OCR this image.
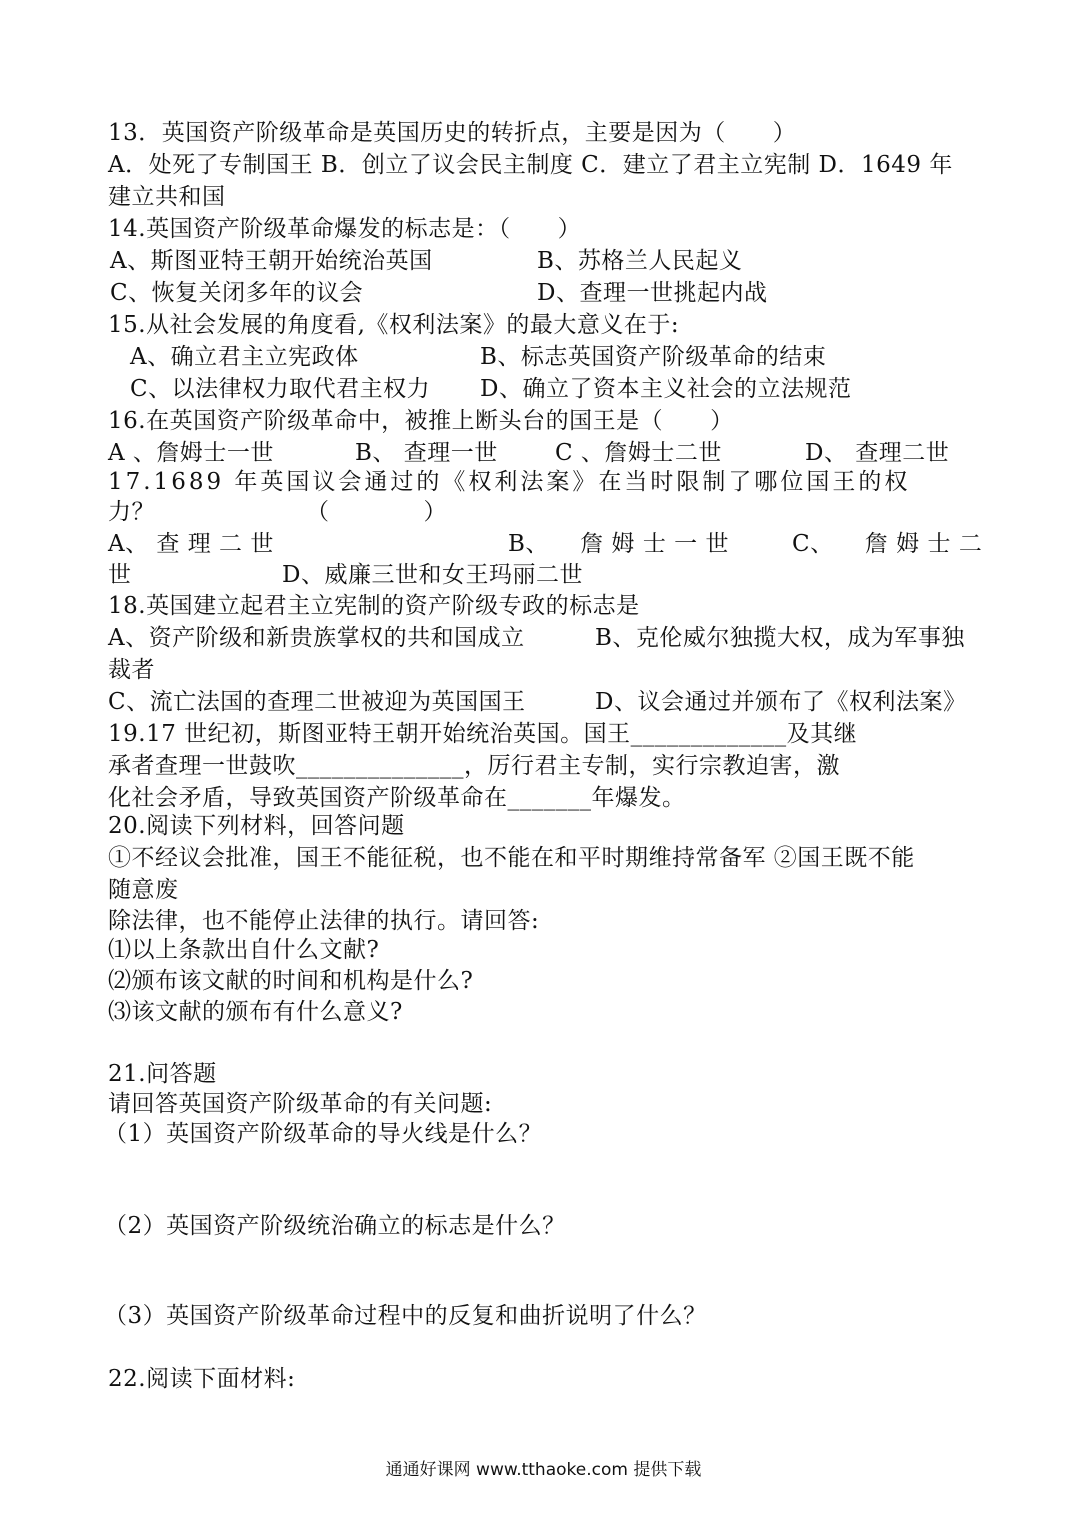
13．英国资产阶级革命是英国历史的转折点，主要是因为（　　）
A．处死了专制国王 B．创立了议会民主制度 C．建立了君主立宪制 D．1649 年
建立共和国
14.英国资产阶级革命爆发的标志是：（　　）
A、斯图亚特王朝开始统治英国	B、苏格兰人民起义
C、恢复关闭多年的议会	D、查理一世挑起内战
15.从社会发展的角度看,《权利法案》的最大意义在于:
A、确立君主立宪政体	B、标志英国资产阶级革命的结束
C、以法律权力取代君主权力 D、确立了资本主义社会的立法规范
16.在英国资产阶级革命中，被推上断头台的国王是（　　）
A 、詹姆士一世	B、 查理一世 C 、詹姆士二世	D、 查理二世
17.1689 年英国议会通过的《权利法案》在当时限制了哪位国王的权
力？	（　　　　）
A、 查 理 二 世	B、 　詹 姆 士 一 世	C、 　詹 姆 士 二
世	D、威廉三世和女王玛丽二世
18.英国建立起君主立宪制的资产阶级专政的标志是
A、资产阶级和新贵族掌权的共和国成立	B、克伦威尔独揽大权，成为军事独
裁者
C、流亡法国的查理二世被迎为英国国王	D、议会通过并颁布了《权利法案》
19.17 世纪初，斯图亚特王朝开始统治英国。国王_____________及其继
承者查理一世鼓吹______________，厉行君主专制，实行宗教迫害，激
化社会矛盾，导致英国资产阶级革命在_______年爆发。
20.阅读下列材料，回答问题
①不经议会批准，国王不能征税，也不能在和平时期维持常备军 ②国王既不能
随意废
除法律，也不能停止法律的执行。请回答:
⑴以上条款出自什么文献?
⑵颁布该文献的时间和机构是什么?
⑶该文献的颁布有什么意义?
21.问答题
请回答英国资产阶级革命的有关问题:
（1）英国资产阶级革命的导火线是什么？
（2）英国资产阶级统治确立的标志是什么？
（3）英国资产阶级革命过程中的反复和曲折说明了什么？
22.阅读下面材料:
通通好课网 www.tthaoke.com 提供下载
